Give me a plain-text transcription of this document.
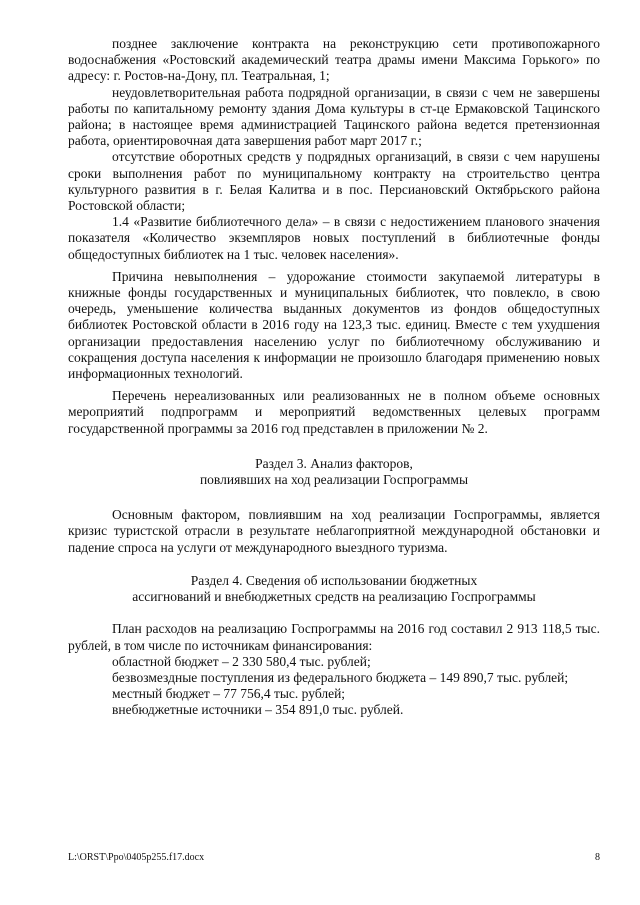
позднее заключение контракта на реконструкцию сети противопожарного водоснабжения «Ростовский академический театра драмы имени Максима Горького» по адресу: г. Ростов-на-Дону, пл. Театральная, 1;

неудовлетворительная работа подрядной организации, в связи с чем не завершены работы по капитальному ремонту здания Дома культуры в ст-це Ермаковской Тацинского района; в настоящее время администрацией Тацинского района ведется претензионная работа, ориентировочная дата завершения работ март 2017 г.;

отсутствие оборотных средств у подрядных организаций, в связи с чем нарушены сроки выполнения работ по муниципальному контракту на строительство центра культурного развития в г. Белая Калитва и в пос. Персиановский Октябрьского района Ростовской области;

1.4 «Развитие библиотечного дела» – в связи с недостижением планового значения показателя «Количество экземпляров новых поступлений в библиотечные фонды общедоступных библиотек на 1 тыс. человек населения».

Причина невыполнения – удорожание стоимости закупаемой литературы в книжные фонды государственных и муниципальных библиотек, что повлекло, в свою очередь, уменьшение количества выданных документов из фондов общедоступных библиотек Ростовской области в 2016 году на 123,3 тыс. единиц. Вместе с тем ухудшения организации предоставления населению услуг по библиотечному обслуживанию и сокращения доступа населения к информации не произошло благодаря применению новых информационных технологий.

Перечень нереализованных или реализованных не в полном объеме основных мероприятий подпрограмм и мероприятий ведомственных целевых программ государственной программы за 2016 год представлен в приложении № 2.

Раздел 3. Анализ факторов,

повлиявших на ход реализации Госпрограммы

Основным фактором, повлиявшим на ход реализации Госпрограммы, является кризис туристской отрасли в результате неблагоприятной международной обстановки и падение спроса на услуги от международного выездного туризма.

Раздел 4. Сведения об использовании бюджетных

ассигнований и внебюджетных средств на реализацию Госпрограммы

План расходов на реализацию Госпрограммы на 2016 год составил 2 913 118,5 тыс. рублей, в том числе по источникам финансирования:

областной бюджет – 2 330 580,4 тыс. рублей;

безвозмездные поступления из федерального бюджета – 149 890,7 тыс. рублей;

местный бюджет – 77 756,4 тыс. рублей;

внебюджетные источники – 354 891,0 тыс. рублей.

L:\ORST\Ppo\0405p255.f17.docx	8
